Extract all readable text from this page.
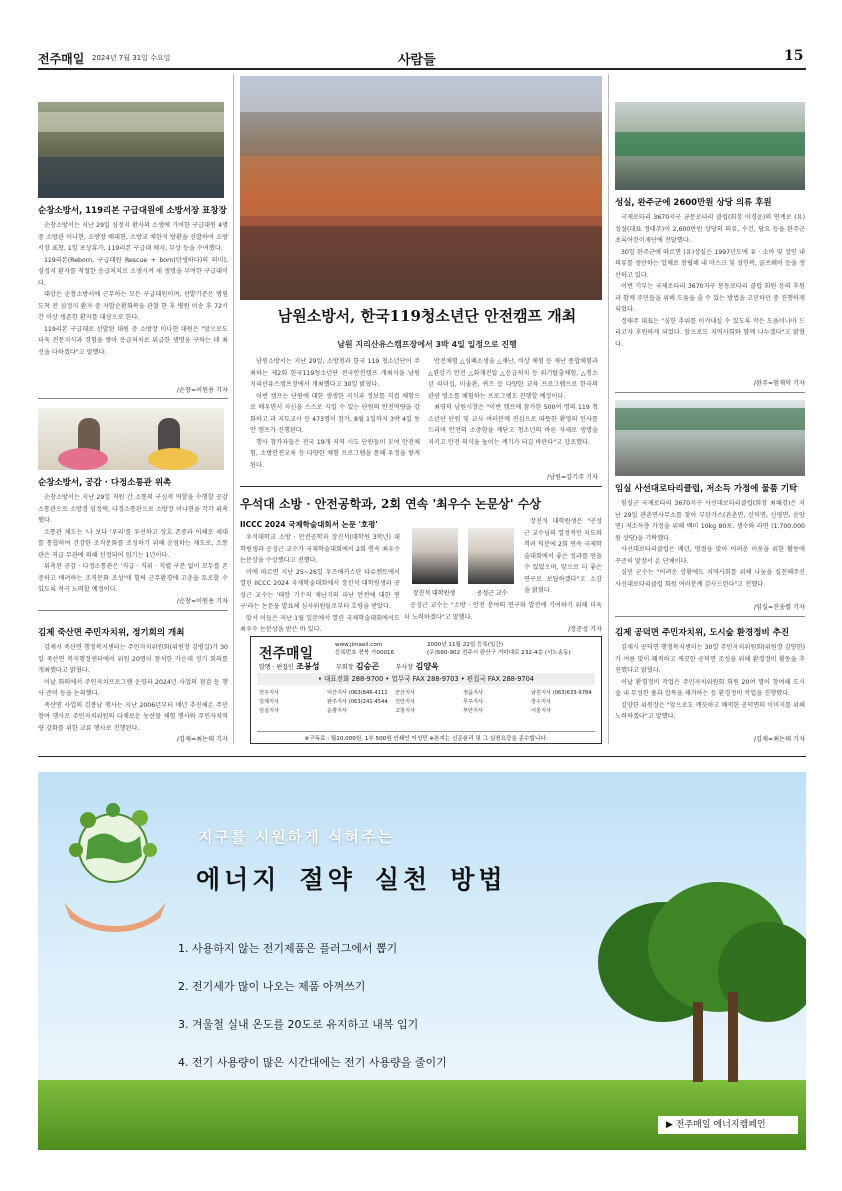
전주매일 2024년 7월 31일 수요일	사람들	15
순창소방서, 119리본 구급대원에 소방서장 표창장

순창소방서는 지난 29일 심정지 환자의 소생에 기여한 구급대원 4명 중 소방관 이나현, 소방장 배대현, 소방교 채한석 방환을 선발하여 소방서장 표창, 1일 포상휴가, 119리본 구급대 배지, 부상 등을 수여했다.

119리본(Reborn, 구급대원 Rescue + born(탄생하다)의 의미), 심정지 환자를 적절한 응급처치로 소생시켜 새 생명을 부여한 구급대이다.

대상은 순창소방서에 근무하는 모든 구급대원이며, 선발기준은 병원 도착 전 심정지 환자 중 자발순환회복을 관찰 한 후 병원 이송 후 72시간 이상 생존한 환자를 대상으로 한다.

119리본 구급대로 선발된 대원 중 소방장 이나현 대원은 "앞으로도 더욱 전문지식과 경험을 쌓아 응급처치로 위급한 생명을 구하는 데 최선을 다하겠다"고 말했다.

/순창=이원용 기자
순창소방서, 공감 · 다정소통관 위촉

순창소방서는 지난 29일 직원 간 소통의 구심적 역할을 수행할 공감소통관으로 소방경 임정택, 다정소통관으로 소방장 이나현을 각각 위촉했다.

소통관 제도는 '나 보다 '우리'를 우선하고 상호 존중과 이해로 세대를 통합하여 건강한 조직문화를 조성하기 위해 운영하는 제도로, 소통관은 직급 무관에 의해 선정되어 임기는 1년이다.

위촉된 공감 · 다정소통관은 '직급 · 직위 · 직렬 구분 없이 모두를 존중하고 배려하는 조직문화 조성'에 힘써 근무환경에 고충을 토로할 수 있도록 적극 노력할 예정이다.

/순창=이원용 기자
김제 죽산면 주민자치위, 정기회의 개최

김제시 죽산면 행정복지센터는 주민자치위원회(위원장 김병길)가 30일 죽산면 복지행정센터에서 위원 20명이 참석한 가운데 정기 회의를 개최했다고 밝혔다.

이날 회의에서 주민자치프로그램 운영과 2024년 사업의 점검 등 행사 준비 등을 논의했다.

죽산면 사업의 김종남 행사는 지난 2006년부터 매년 추진해온 주민 참여 행사로 주민자치위원의 다채로운 농산물 체험 행사와 주민자치역량 강화를 위한 교류 행사로 진행된다.

/김제=최논태 기자
남원소방서, 한국119청소년단 안전캠프 개최
남원 지리산유스캠프장에서 3박 4일 일정으로 진행

남원소방서는 지난 29일, 소방청과 한국 119 청소년단이 주최하는 제2회 한국119청소년단 전국안전캠프 개최식을 남원 지리산유스캠프장에서 개최했다고 30일 밝혔다.

이번 캠프는 단원에 대한 생생한 지식과 정보를 직접 체험으로 배우면서 자신을 스스로 지킬 수 있는 단원의 안전역량을 강화하고 과 지도교사 등 473명이 참가, 8월 1일까지 3박 4일 동안 캠프가 진행된다.

행사 참가자들은 전국 19개 지역 시도 단원들이 모여 안전체험, 소방안전교육 등 다양한 체험 프로그램을 통해 우정을 쌓게 된다.

안전체험 △심폐소생술 △재난, 비상 체험 등 재난 종합체험과 △완강기 안전 △화재진압 △응급처치 등 위기탈출체험, △청소년 리더십, 미술관, 퀴즈 등 다양한 교육 프로그램으로 한국의 관광 명소를 체험하는 프로그램도 진행할 예정이다.

최영덕 남원시장은 "이번 캠프에 참가한 500여 명의 119 청소년단 단원 및 교사 여러분께 진심으로 따뜻한 환영의 인사를 드리며 안전의 소중함을 깨닫고 청소년의 바른 자세로 생명을 지키고 안전 의식을 높이는 계기가 되길 바란다"고 강조했다.

/남원=김기주 기자
우석대 소방 · 안전공학과, 2회 연속 '최우수 논문상' 수상
IICCC 2024 국제학술대회서 논문 '호평'

우석대학교 소방 · 안전공학과 장진석(대학원 3학년) 대학원생과 공성근 교수가 국제학술대회에서 2회 연속 최우수 논문상을 수상했다고 전했다.

이에 따르면 지난 25~26일 우즈베키스탄 타슈켄트에서 열린 IICCC 2024 국제학술대회에서 장진석 대학원생과 공성근 교수는 '태양 기수저 재난기의 피난 안전에 대한 연구'라는 논문을 발표해 심사위원들로부터 호평을 받았다.

앞서 이들은 지난 1월 일본에서 열린 국제학술대회에서도 최우수 논문상을 받은 바 있다.

장진석 대학원생	공성근 교수

장진석 대학원생은 "공성근 교수님의 열정적인 지도와 격려 덕분에 2회 연속 국제학술대회에서 좋은 성과를 얻을 수 있었으며, 앞으로 더 좋은 연구로 보답하겠다"고 소감을 밝혔다.

공성근 교수는 "소방 · 안전 분야의 연구와 발전에 기여하기 위해 더욱 더 노력하겠다"고 말했다.

/정준성 기자
전주매일
www.jimaeil.com
등록번호 전북 가00016
2000년 11월 22일 등록(일간)
(우)560-902 전주시 완산구 거마대로 232-4층 (서노송동)
발행 · 편집인 조봉성	부회장 김승곤	부사장 김양옥
• 대표전화 288-9700 • 업무국 FAX 288-9703 • 편집국 FAX 288-9704
전주지사	익산지사 (063)846-4112	군산지사	정읍지사	남원지사 (063)633-9784
김제지사	완주지사 (063)241-4544	진안지사	무주지사	장수지사
임실지사	순창지사	고창지사	부안지사	서울지사
※구독료 : 월10,000원, 1부 500원 인쇄인 이성민 ※본지는 신문윤리 및 그 실천요강을 준수합니다.
성실, 완주군에 2600만원 상당 의류 후원

국제로타리 3670지구 금문로타리 클럽(회장 이경윤)의 연계로 (유)성실(대표 정태주)이 2,600만원 상당의 의류, 수건, 담요 등을 완주군 초록어린이재단에 전달했다.

30일 완주군에 따르면 (유)성실은 1997년도에 유 · 소아 및 성인 내의류를 생산하는 업체로 창립해 내 마스크 및 성인복, 골프웨어 등을 생산하고 있다.

이번 기부는 국제로타리 3670지구 봉동로타리 클럽 회원 등의 후원과 함께 주민들을 위해 도움을 줄 수 있는 방법을 고민하던 중 진행하게 되었다.

정태주 대표는 "심한 추위를 이겨내실 수 있도록 작은 도움이나마 드리고자 후원하게 되었다. 앞으로도 지역사회와 함께 나누겠다"고 밝혔다.

/완주=엄재덕 기자
임실 사선대로타리클럽, 저소득 가정에 물품 기탁

임실군 국제로타리 3670지구 사선대로타리클럽(회장 최혜경)은 지난 29일 관촌면사무소를 찾아 부탄가스(관촌면, 신덕면, 신평면, 운암면) 저소득층 가정을 위해 백미 10kg 80포, 생수와 라면 (1,700,000원 상당)을 기탁했다.

사선대로타리클럽은 매년, 명절을 맞아 어려운 이웃을 위한 활동에 꾸준히 앞장서 온 단체이다.

심민 군수는 "어려운 상황에도 지역사회를 위해 나눔을 실천해주신 사선대로타리클럽 회원 여러분께 감사드린다"고 전했다.

/임실=진웅렬 기자
김제 공덕면 주민자치위, 도시숲 환경정비 추진

김제시 공덕면 행정복지센터는 30일 주민자치위원회(위원장 김양한)가 여름 맞이 쾌적하고 깨끗한 공덕면 조성을 위해 환경정비 활동을 추진했다고 밝혔다.

이날 환경정비 작업은 주민자치위원회 회원 20여 명이 참여해 도시숲 내 무성한 풀과 잡목을 제거하는 등 환경정비 작업을 진행했다.

김양한 위원장은 "앞으로도 깨끗하고 쾌적한 공덕면의 이미지를 위해 노력하겠다"고 말했다.

/김제=최논태 기자
지구를 시원하게 식혀주는
에너지 절약 실천 방법
1. 사용하지 않는 전기제품은 플러그에서 뽑기
2. 전기세가 많이 나오는 제품 아껴쓰기
3. 겨울철 실내 온도를 20도로 유지하고 내복 입기
4. 전기 사용량이 많은 시간대에는 전기 사용량을 줄이기
▶ 전주매일 에너지캠페인
